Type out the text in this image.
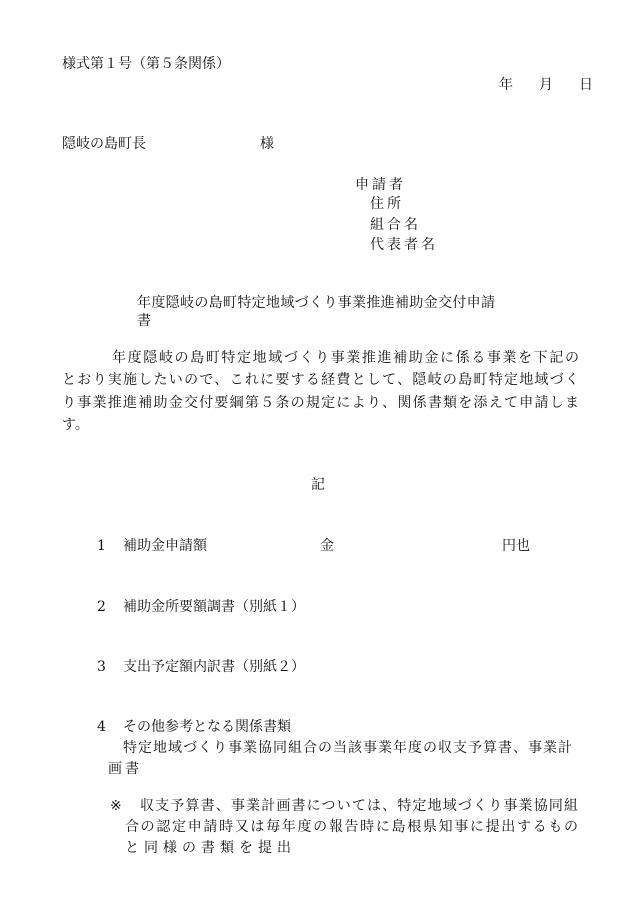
様式第１号（第５条関係）
年　月　日
隠岐の島町長	様
申請者
住所
組合名
代表者名
年度隠岐の島町特定地域づくり事業推進補助金交付申請書
年度隠岐の島町特定地域づくり事業推進補助金に係る事業を下記の
とおり実施したいので、これに要する経費として、隠岐の島町特定地域づく
り事業推進補助金交付要綱第５条の規定により、関係書類を添えて申請しま
す。
記
1 補助金申請額	金	円也
2 補助金所要額調書（別紙１）
3 支出予定額内訳書（別紙２）
4 その他参考となる関係書類
特定地域づくり事業協同組合の当該事業年度の収支予算書、事業計
画書
※ 収支予算書、事業計画書については、特定地域づくり事業協同組
合の認定申請時又は毎年度の報告時に島根県知事に提出するもの
と同様の書類を提出
